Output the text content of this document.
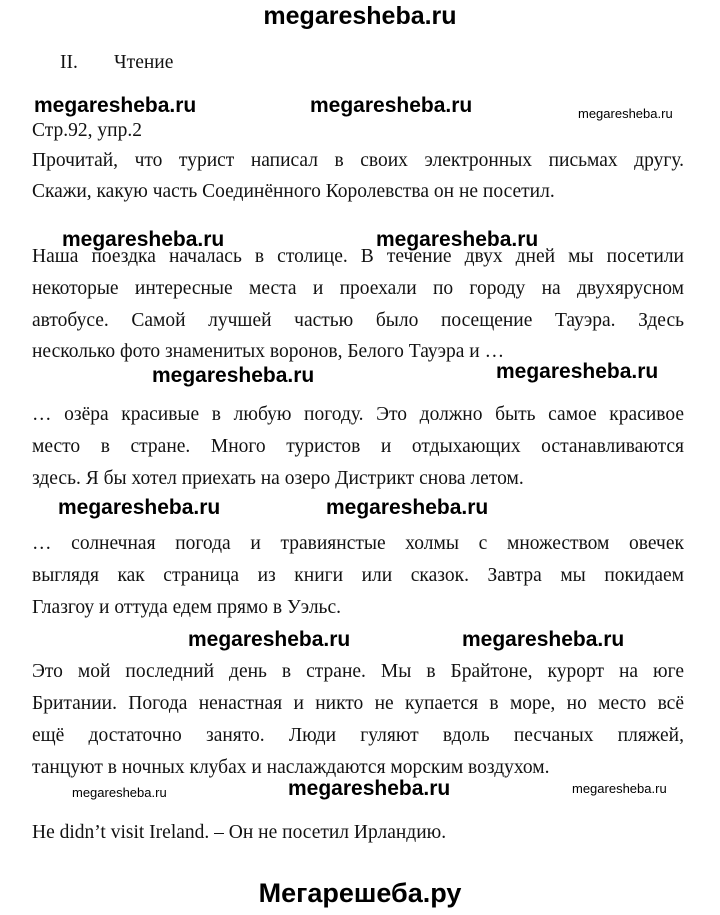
megaresheba.ru
Мегарешеба.ру
II. Чтение
megaresheba.ru	megaresheba.ru	megaresheba.ru
megaresheba.ru	megaresheba.ru
megaresheba.ru	megaresheba.ru
megaresheba.ru	megaresheba.ru
megaresheba.ru	megaresheba.ru
megaresheba.ru	megaresheba.ru	megaresheba.ru
Стр.92, упр.2
Прочитай, что турист написал в своих электронных письмах другу.
Скажи, какую часть Соединённого Королевства он не посетил.
Наша поездка началась в столице. В течение двух дней мы посетили
некоторые интересные места и проехали по городу на двухярусном
автобусе. Самой лучшей частью было посещение Тауэра. Здесь
несколько фото знаменитых воронов, Белого Тауэра и …
… озёра красивые в любую погоду. Это должно быть самое красивое
место в стране. Много туристов и отдыхающих останавливаются
здесь. Я бы хотел приехать на озеро Дистрикт снова летом.
… солнечная погода и травиянстые холмы с множеством овечек
выглядя как страница из книги или сказок. Завтра мы покидаем
Глазгоу и оттуда едем прямо в Уэльс.
Это мой последний день в стране. Мы в Брайтоне, курорт на юге
Британии. Погода ненастная и никто не купается в море, но место всё
ещё достаточно занято. Люди гуляют вдоль песчаных пляжей,
танцуют в ночных клубах и наслаждаются морским воздухом.
He didn’t visit Ireland. – Он не посетил Ирландию.
